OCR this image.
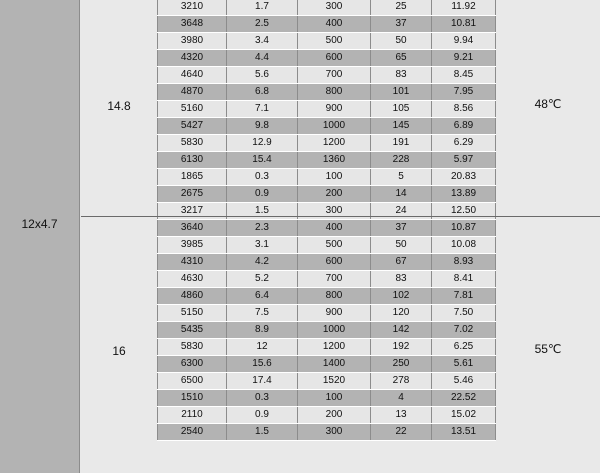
12x4.7
14.8
16
48℃
55℃
3210	1.7	300	25	11.92
3648	2.5	400	37	10.81
3980	3.4	500	50	9.94
4320	4.4	600	65	9.21
4640	5.6	700	83	8.45
4870	6.8	800	101	7.95
5160	7.1	900	105	8.56
5427	9.8	1000	145	6.89
5830	12.9	1200	191	6.29
6130	15.4	1360	228	5.97
1865	0.3	100	5	20.83
2675	0.9	200	14	13.89
3217	1.5	300	24	12.50
3640	2.3	400	37	10.87
3985	3.1	500	50	10.08
4310	4.2	600	67	8.93
4630	5.2	700	83	8.41
4860	6.4	800	102	7.81
5150	7.5	900	120	7.50
5435	8.9	1000	142	7.02
5830	12	1200	192	6.25
6300	15.6	1400	250	5.61
6500	17.4	1520	278	5.46
1510	0.3	100	4	22.52
2110	0.9	200	13	15.02
2540	1.5	300	22	13.51
